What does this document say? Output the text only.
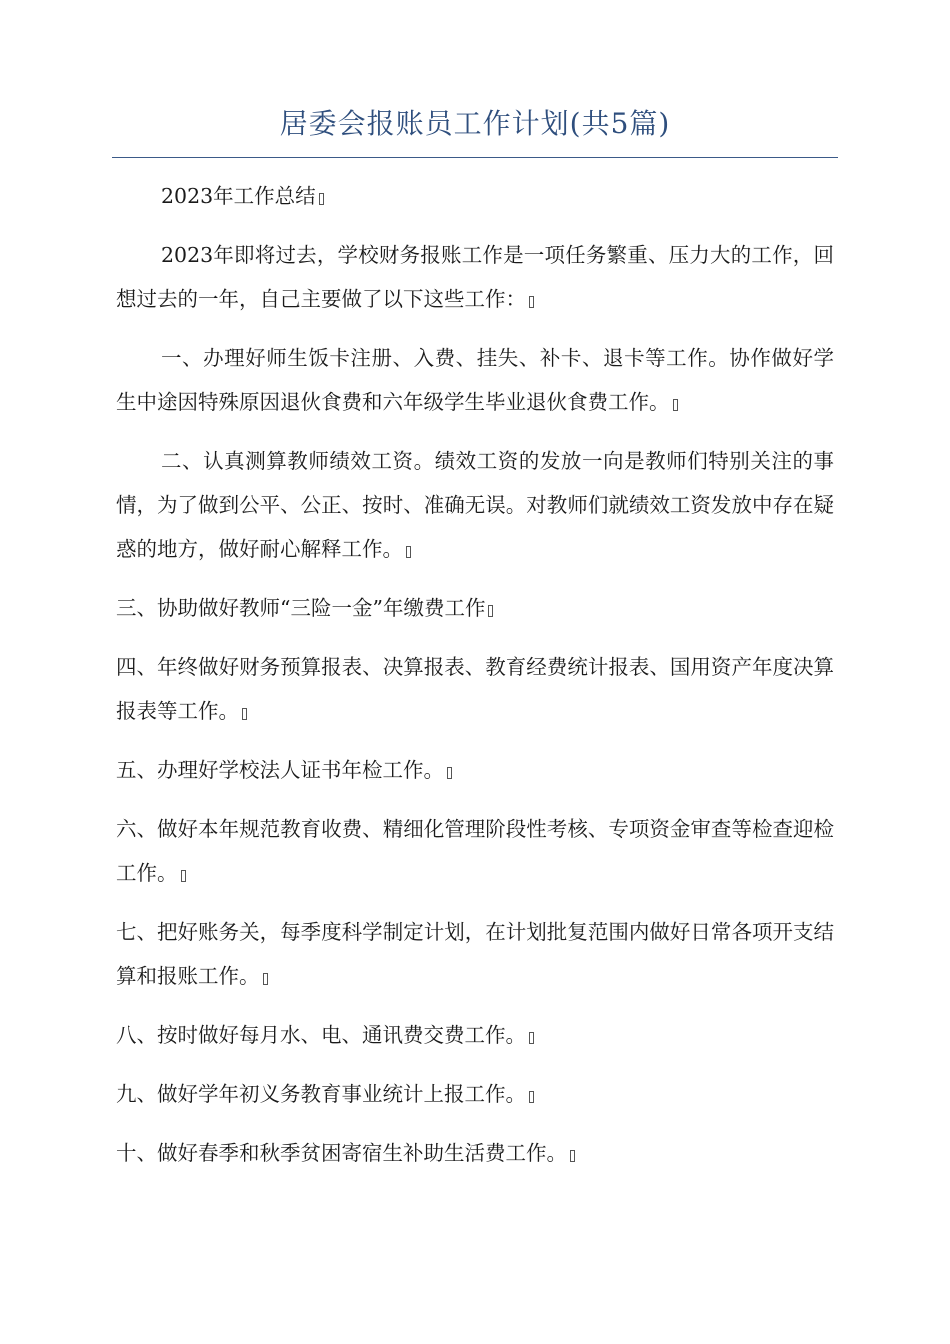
居委会报账员工作计划(共5篇)

2023年工作总结

2023年即将过去，学校财务报账工作是一项任务繁重、压力大的工作，回想过去的一年，自己主要做了以下这些工作：

一、办理好师生饭卡注册、入费、挂失、补卡、退卡等工作。协作做好学生中途因特殊原因退伙食费和六年级学生毕业退伙食费工作。

二、认真测算教师绩效工资。绩效工资的发放一向是教师们特别关注的事情，为了做到公平、公正、按时、准确无误。对教师们就绩效工资发放中存在疑惑的地方，做好耐心解释工作。

三、协助做好教师“三险一金”年缴费工作

四、年终做好财务预算报表、决算报表、教育经费统计报表、国用资产年度决算报表等工作。

五、办理好学校法人证书年检工作。

六、做好本年规范教育收费、精细化管理阶段性考核、专项资金审查等检查迎检工作。

七、把好账务关，每季度科学制定计划，在计划批复范围内做好日常各项开支结算和报账工作。

八、按时做好每月水、电、通讯费交费工作。

九、做好学年初义务教育事业统计上报工作。

十、做好春季和秋季贫困寄宿生补助生活费工作。
